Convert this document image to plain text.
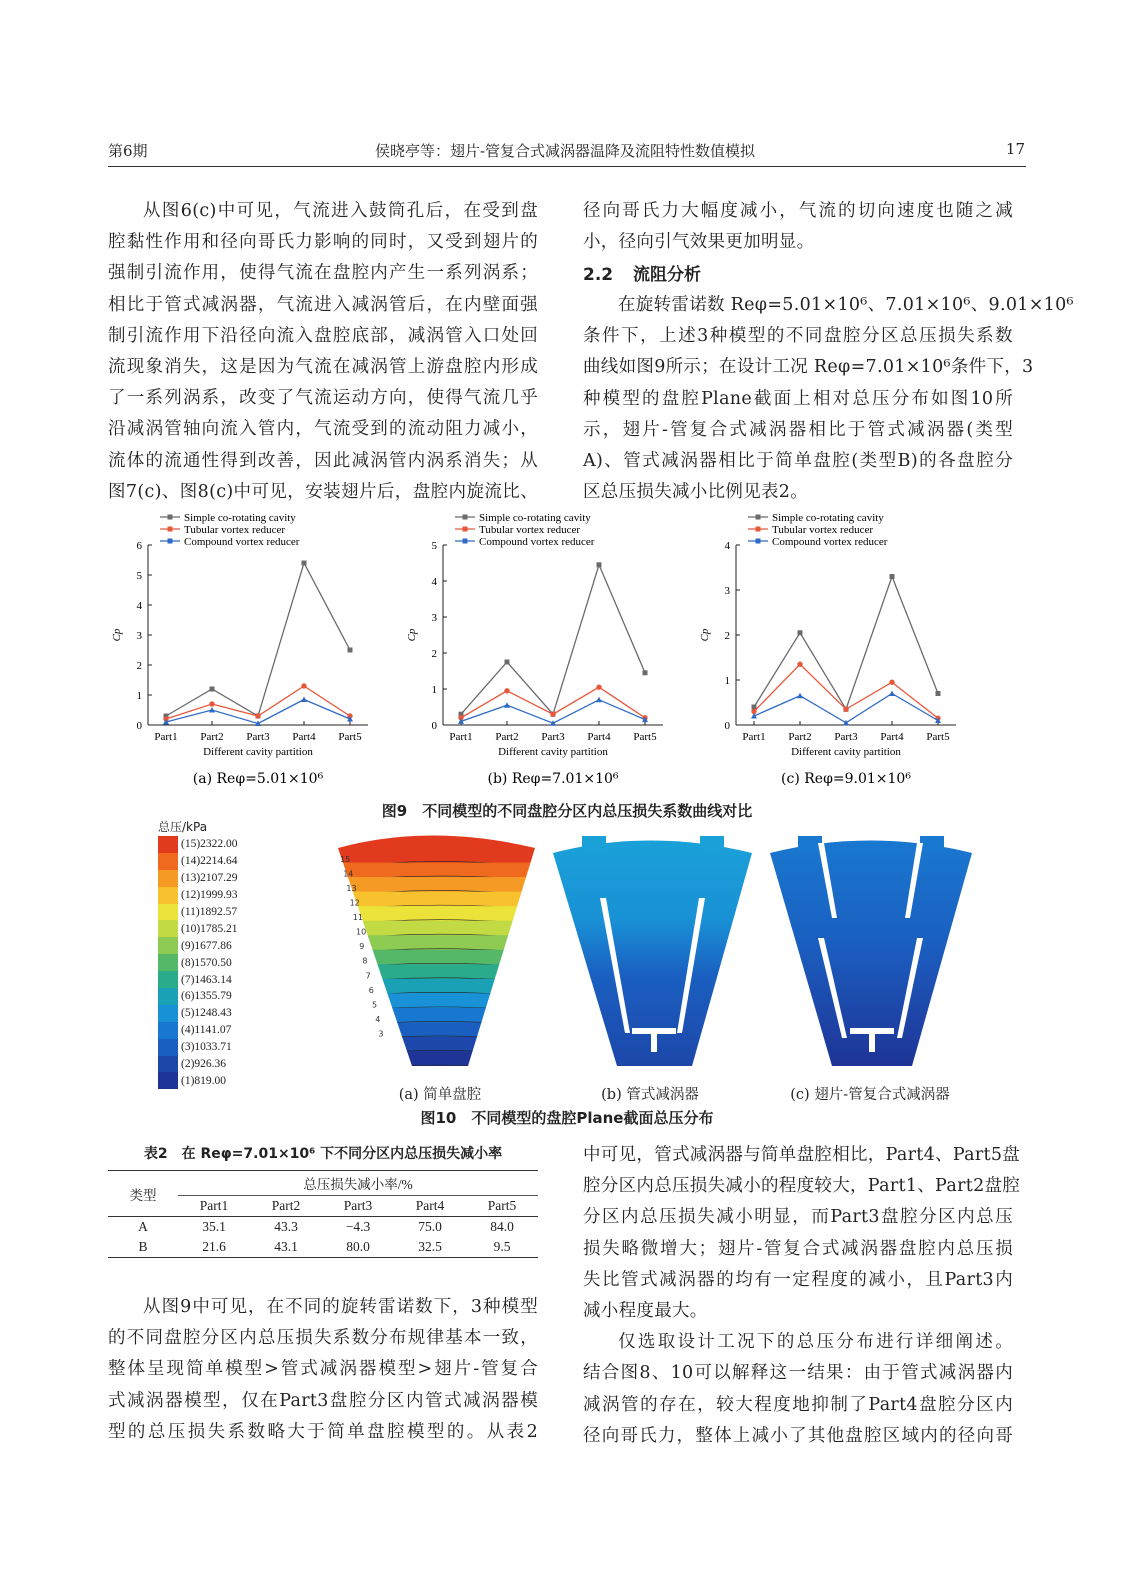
第6期	侯晓亭等：翅片-管复合式减涡器温降及流阻特性数值模拟	17
从图6(c)中可见，气流进入鼓筒孔后，在受到盘
腔黏性作用和径向哥氏力影响的同时，又受到翅片的
强制引流作用，使得气流在盘腔内产生一系列涡系；
相比于管式减涡器，气流进入减涡管后，在内壁面强
制引流作用下沿径向流入盘腔底部，减涡管入口处回
流现象消失，这是因为气流在减涡管上游盘腔内形成
了一系列涡系，改变了气流运动方向，使得气流几乎
沿减涡管轴向流入管内，气流受到的流动阻力减小，
流体的流通性得到改善，因此减涡管内涡系消失；从
图7(c)、图8(c)中可见，安装翅片后，盘腔内旋流比、
径向哥氏力大幅度减小，气流的切向速度也随之减
小，径向引气效果更加明显。
2.2 流阻分析
在旋转雷诺数 Reφ=5.01×10⁶、7.01×10⁶、9.01×10⁶
条件下，上述3种模型的不同盘腔分区总压损失系数
曲线如图9所示；在设计工况 Reφ=7.01×10⁶条件下，3
种模型的盘腔Plane截面上相对总压分布如图10所
示，翅片-管复合式减涡器相比于管式减涡器(类型
A)、管式减涡器相比于简单盘腔(类型B)的各盘腔分
区总压损失减小比例见表2。
0
1
2
3
4
5
6
Part1 Part2 Part3 Part4 Part5
Different cavity partition
Cp
Simple co-rotating cavity
Tubular vortex reducer
Compound vortex reducer
(a) Reφ=5.01×10⁶
0
1
2
3
4
5
Part1 Part2 Part3 Part4 Part5
Different cavity partition
Cp
Simple co-rotating cavity
Tubular vortex reducer
Compound vortex reducer
(b) Reφ=7.01×10⁶
0
1
2
3
4
Part1 Part2 Part3 Part4 Part5
Different cavity partition
Cp
Simple co-rotating cavity
Tubular vortex reducer
Compound vortex reducer
(c) Reφ=9.01×10⁶
图9　不同模型的不同盘腔分区内总压损失系数曲线对比
总压/kPa
(15)2322.00
(14)2214.64
(13)2107.29
(12)1999.93
(11)1892.57
(10)1785.21
(9)1677.86
(8)1570.50
(7)1463.14
(6)1355.79
(5)1248.43
(4)1141.07
(3)1033.71
(2)926.36
(1)819.00
15
14
13
12
11
10
9
8
7
6
5
4
3
(a) 简单盘腔	(b) 管式减涡器	(c) 翅片-管复合式减涡器
图10　不同模型的盘腔Plane截面总压分布
表2　在 Reφ=7.01×10⁶ 下不同分区内总压损失减小率
类型	总压损失减小率/%				
	Part1	Part2	Part3	Part4	Part5
A	35.1	43.3	−4.3	75.0	84.0
B	21.6	43.1	80.0	32.5	9.5
从图9中可见，在不同的旋转雷诺数下，3种模型
的不同盘腔分区内总压损失系数分布规律基本一致，
整体呈现简单模型>管式减涡器模型>翅片-管复合
式减涡器模型，仅在Part3盘腔分区内管式减涡器模
型的总压损失系数略大于简单盘腔模型的。从表2
中可见，管式减涡器与简单盘腔相比，Part4、Part5盘
腔分区内总压损失减小的程度较大，Part1、Part2盘腔
分区内总压损失减小明显，而Part3盘腔分区内总压
损失略微增大；翅片-管复合式减涡器盘腔内总压损
失比管式减涡器的均有一定程度的减小，且Part3内
减小程度最大。
仅选取设计工况下的总压分布进行详细阐述。
结合图8、10可以解释这一结果：由于管式减涡器内
减涡管的存在，较大程度地抑制了Part4盘腔分区内
径向哥氏力，整体上减小了其他盘腔区域内的径向哥
